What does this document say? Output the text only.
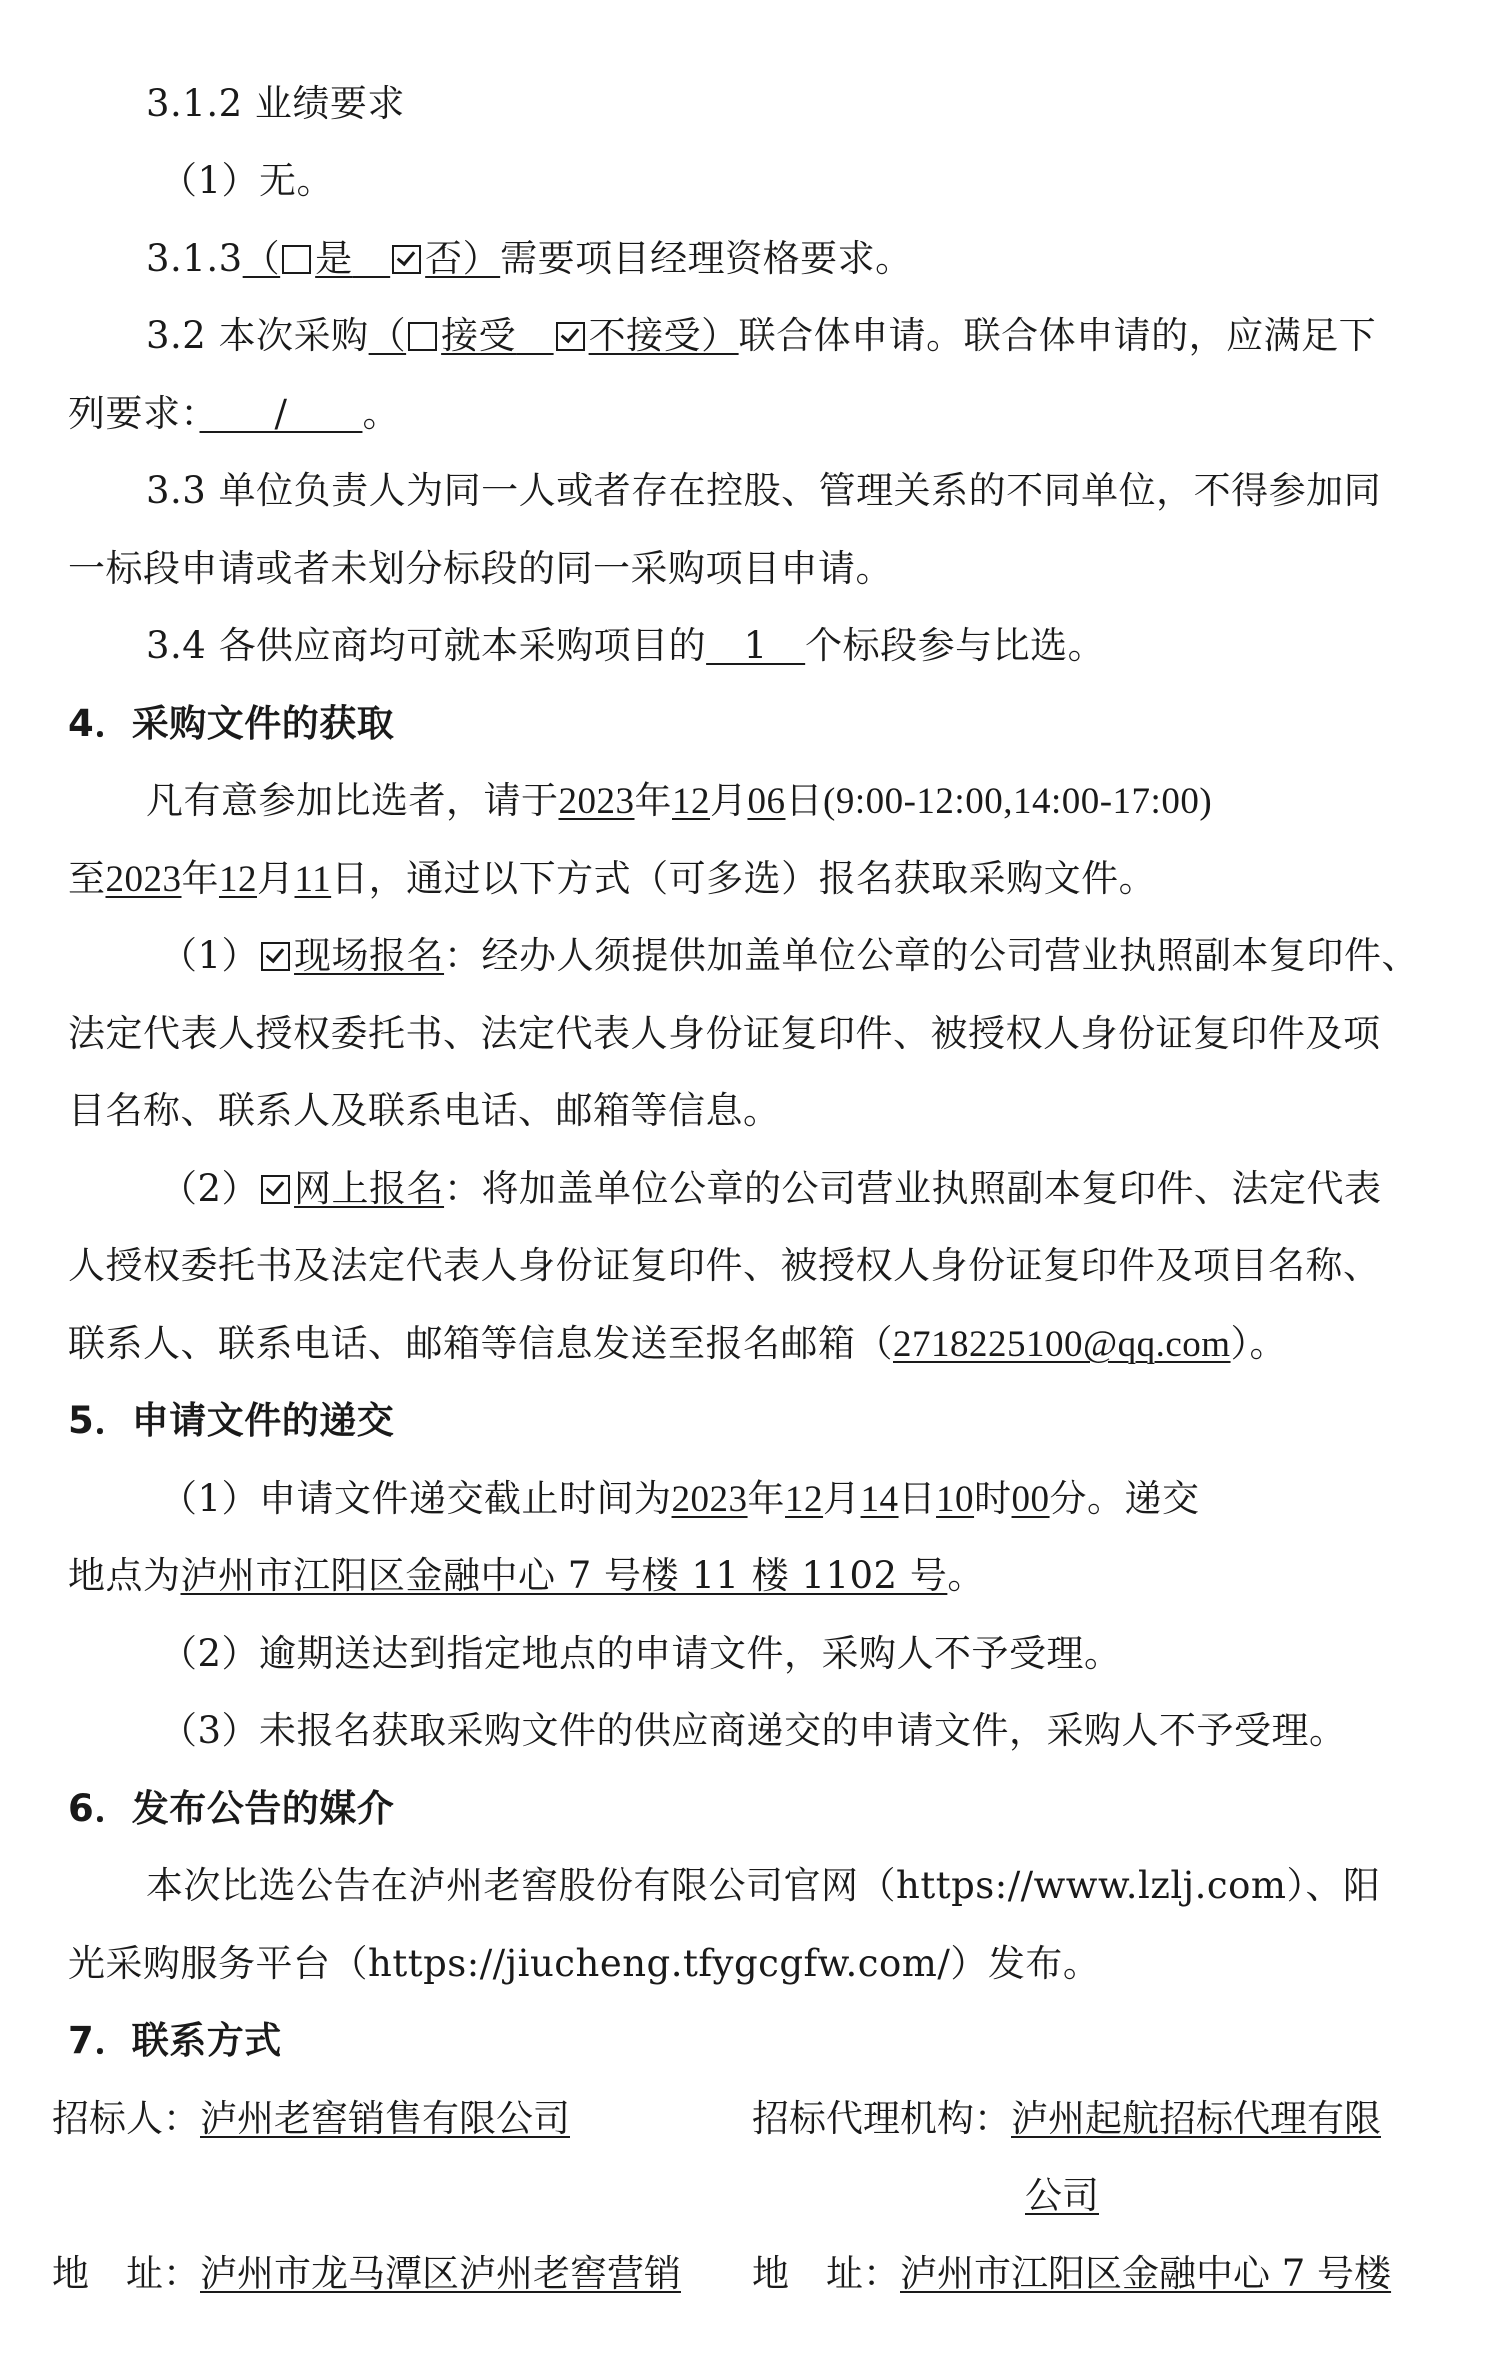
3.1.2 业绩要求
（1）无。
3.1.3（ 是　 否）需要项目经理资格要求。
3.2 本次采购（ 接受　 不接受）联合体申请。联合体申请的，应满足下
列要求：　　/　　。
3.3 单位负责人为同一人或者存在控股、管理关系的不同单位，不得参加同
一标段申请或者未划分标段的同一采购项目申请。
3.4 各供应商均可就本采购项目的　1　个标段参与比选。
4．采购文件的获取
凡有意参加比选者，请于2023年12月06日(9:00-12:00,14:00-17:00)
至2023年12月11日，通过以下方式（可多选）报名获取采购文件。
（1） 现场报名：经办人须提供加盖单位公章的公司营业执照副本复印件、
法定代表人授权委托书、法定代表人身份证复印件、被授权人身份证复印件及项
目名称、联系人及联系电话、邮箱等信息。
（2） 网上报名：将加盖单位公章的公司营业执照副本复印件、法定代表
人授权委托书及法定代表人身份证复印件、被授权人身份证复印件及项目名称、
联系人、联系电话、邮箱等信息发送至报名邮箱（2718225100@qq.com）。
5．申请文件的递交
（1）申请文件递交截止时间为2023年12月14日10时00分。递交
地点为泸州市江阳区金融中心 7 号楼 11 楼 1102 号。
（2）逾期送达到指定地点的申请文件，采购人不予受理。
（3）未报名获取采购文件的供应商递交的申请文件，采购人不予受理。
6．发布公告的媒介
本次比选公告在泸州老窖股份有限公司官网（https://www.lzlj.com）、阳
光采购服务平台（https://jiucheng.tfygcgfw.com/）发布。
7．联系方式
招标人：泸州老窖销售有限公司	招标代理机构：泸州起航招标代理有限
公司
地　址：泸州市龙马潭区泸州老窖营销 地　址：泸州市江阳区金融中心 7 号楼
